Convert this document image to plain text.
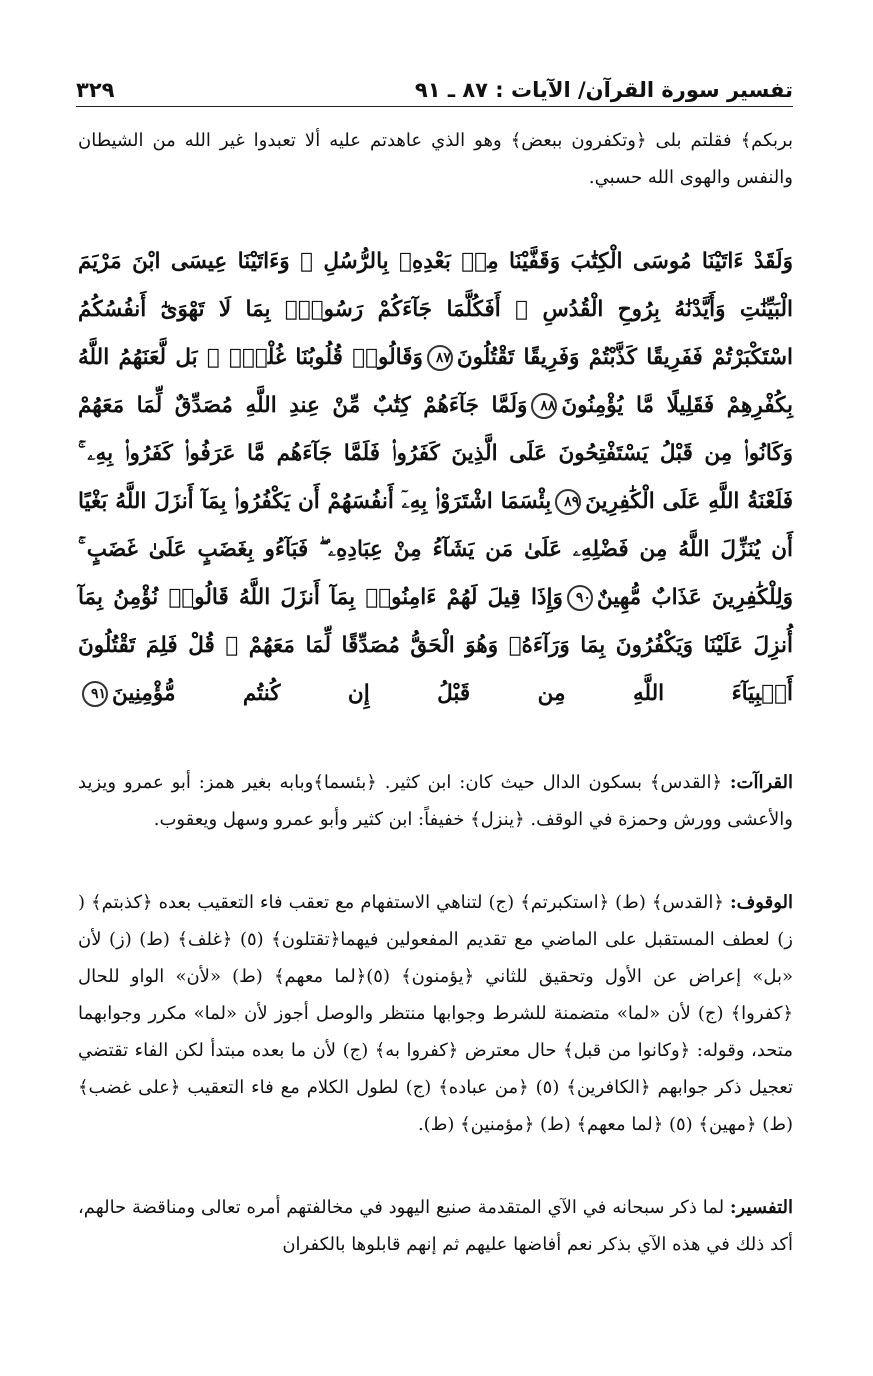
تفسير سورة القرآن/ الآيات : ٨٧ ـ ٩١
٣٢٩

بربكم﴾ فقلتم بلى ﴿وتكفرون ببعض﴾ وهو الذي عاهدتم عليه ألا تعبدوا غير الله من الشيطان والنفس والهوى الله حسبي.

وَلَقَدْ ءَاتَيْنَا مُوسَى الْكِتَٰبَ وَقَفَّيْنَا مِنۢ بَعْدِهِۦ بِالرُّسُلِ ۖ وَءَاتَيْنَا عِيسَى ابْنَ مَرْيَمَ الْبَيِّنَٰتِ وَأَيَّدْنَٰهُ بِرُوحِ الْقُدُسِ ۗ أَفَكُلَّمَا جَآءَكُمْ رَسُولٌۢ بِمَا لَا تَهْوَىٰٓ أَنفُسُكُمُ اسْتَكْبَرْتُمْ فَفَرِيقًا كَذَّبْتُمْ وَفَرِيقًا تَقْتُلُونَ٨٧وَقَالُوا۟ قُلُوبُنَا غُلْفٌۢ ۚ بَل لَّعَنَهُمُ اللَّهُ بِكُفْرِهِمْ فَقَلِيلًا مَّا يُؤْمِنُونَ٨٨وَلَمَّا جَآءَهُمْ كِتَٰبٌ مِّنْ عِندِ اللَّهِ مُصَدِّقٌ لِّمَا مَعَهُمْ وَكَانُوا۟ مِن قَبْلُ يَسْتَفْتِحُونَ عَلَى الَّذِينَ كَفَرُوا۟ فَلَمَّا جَآءَهُم مَّا عَرَفُوا۟ كَفَرُوا۟ بِهِۦ ۚ فَلَعْنَةُ اللَّهِ عَلَى الْكَٰفِرِينَ٨٩بِئْسَمَا اشْتَرَوْا۟ بِهِۦٓ أَنفُسَهُمْ أَن يَكْفُرُوا۟ بِمَآ أَنزَلَ اللَّهُ بَغْيًا أَن يُنَزِّلَ اللَّهُ مِن فَضْلِهِۦ عَلَىٰ مَن يَشَآءُ مِنْ عِبَادِهِۦ ۖ فَبَآءُو بِغَضَبٍ عَلَىٰ غَضَبٍ ۚ وَلِلْكَٰفِرِينَ عَذَابٌ مُّهِينٌ٩٠وَإِذَا قِيلَ لَهُمْ ءَامِنُوا۟ بِمَآ أَنزَلَ اللَّهُ قَالُوا۟ نُؤْمِنُ بِمَآ أُنزِلَ عَلَيْنَا وَيَكْفُرُونَ بِمَا وَرَآءَهُۥ وَهُوَ الْحَقُّ مُصَدِّقًا لِّمَا مَعَهُمْ ۗ قُلْ فَلِمَ تَقْتُلُونَ أَنۢبِيَآءَ اللَّهِ مِن قَبْلُ إِن كُنتُم مُّؤْمِنِينَ٩١

القراآت: ﴿القدس﴾ بسكون الدال حيث كان: ابن كثير. ﴿بئسما﴾وبابه بغير همز: أبو عمرو ويزيد والأعشى وورش وحمزة في الوقف. ﴿ينزل﴾ خفيفاً: ابن كثير وأبو عمرو وسهل ويعقوب.

الوقوف: ﴿القدس﴾ (ط) ﴿استكبرتم﴾ (ج) لتناهي الاستفهام مع تعقب فاء التعقيب بعده ﴿كذبتم﴾ ( ز) لعطف المستقبل على الماضي مع تقديم المفعولين فيهما﴿تقتلون﴾ (٥) ﴿غلف﴾ (ط) (ز) لأن «بل» إعراض عن الأول وتحقيق للثاني ﴿يؤمنون﴾ (٥)﴿لما معهم﴾ (ط) «لأن» الواو للحال ﴿كفروا﴾ (ج) لأن «لما» متضمنة للشرط وجوابها منتظر والوصل أجوز لأن «لما» مكرر وجوابهما متحد، وقوله: ﴿وكانوا من قبل﴾ حال معترض ﴿كفروا به﴾ (ج) لأن ما بعده مبتدأ لكن الفاء تقتضي تعجيل ذكر جوابهم ﴿الكافرين﴾ (٥) ﴿من عباده﴾ (ج) لطول الكلام مع فاء التعقيب ﴿على غضب﴾ (ط) ﴿مهين﴾ (٥) ﴿لما معهم﴾ (ط) ﴿مؤمنين﴾ (ط).

التفسير: لما ذكر سبحانه في الآي المتقدمة صنيع اليهود في مخالفتهم أمره تعالى ومناقضة حالهم، أكد ذلك في هذه الآي بذكر نعم أفاضها عليهم ثم إنهم قابلوها بالكفران
